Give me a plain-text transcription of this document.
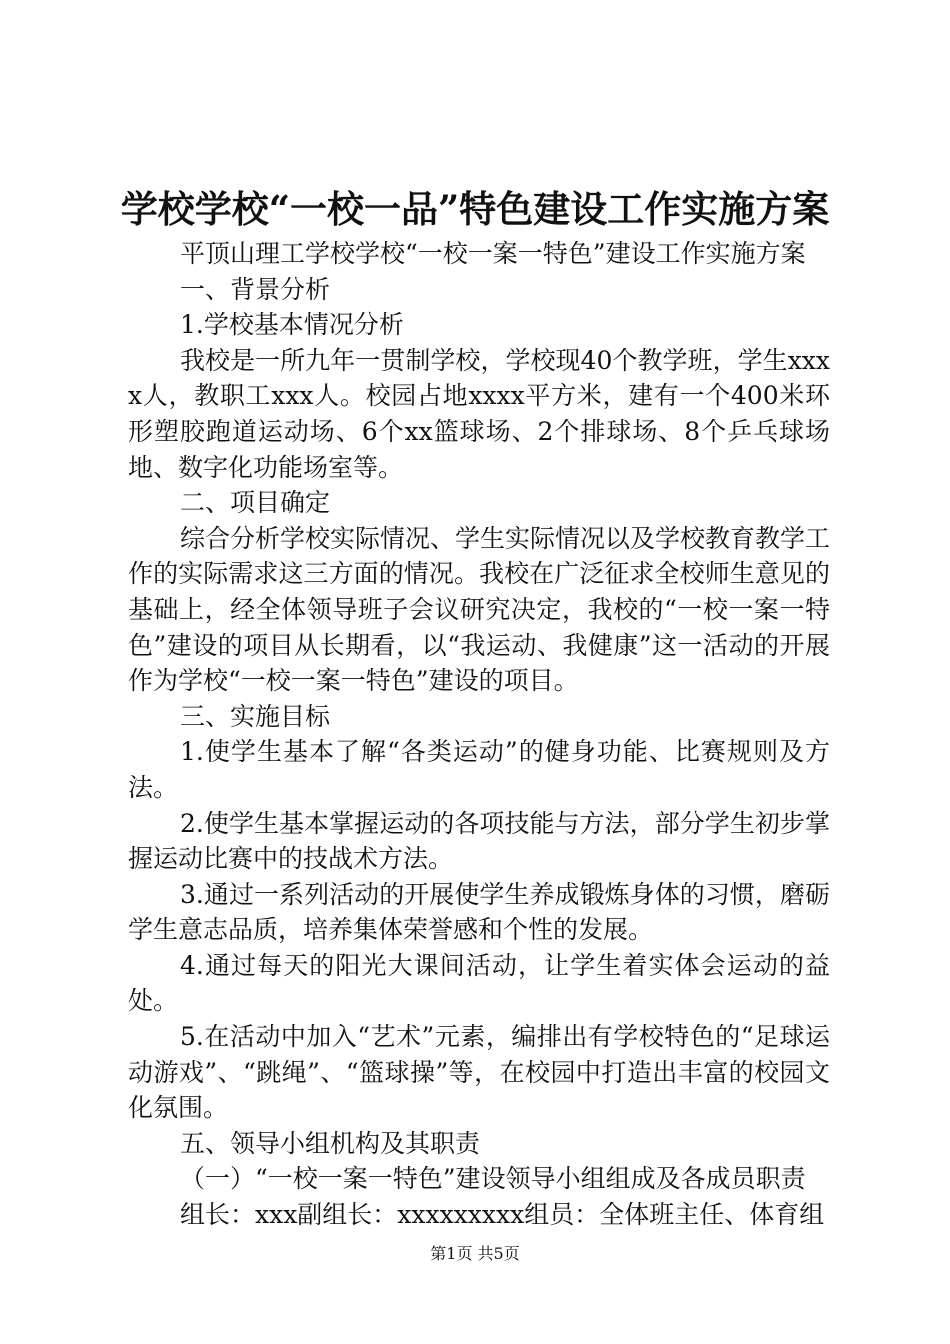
学校学校“一校一品”特色建设工作实施方案

平顶山理工学校学校“一校一案一特色”建设工作实施方案

一、背景分析

1.学校基本情况分析

我校是一所九年一贯制学校，学校现40个教学班，学生xxxx人，教职工xxx人。校园占地xxxx平方米，建有一个400米环形塑胶跑道运动场、6个xx篮球场、2个排球场、8个乒乓球场地、数字化功能场室等。

二、项目确定

综合分析学校实际情况、学生实际情况以及学校教育教学工作的实际需求这三方面的情况。我校在广泛征求全校师生意见的基础上，经全体领导班子会议研究决定，我校的“一校一案一特色”建设的项目从长期看，以“我运动、我健康”这一活动的开展作为学校“一校一案一特色”建设的项目。

三、实施目标

1.使学生基本了解“各类运动”的健身功能、比赛规则及方法。

2.使学生基本掌握运动的各项技能与方法，部分学生初步掌握运动比赛中的技战术方法。

3.通过一系列活动的开展使学生养成锻炼身体的习惯，磨砺学生意志品质，培养集体荣誉感和个性的发展。

4.通过每天的阳光大课间活动，让学生着实体会运动的益处。

5.在活动中加入“艺术”元素，编排出有学校特色的“足球运动游戏”、“跳绳”、“篮球操”等，在校园中打造出丰富的校园文化氛围。

五、领导小组机构及其职责

（一）“一校一案一特色”建设领导小组组成及各成员职责

组长：xxx副组长：xxxxxxxxx组员：全体班主任、体育组

第1页 共5页
